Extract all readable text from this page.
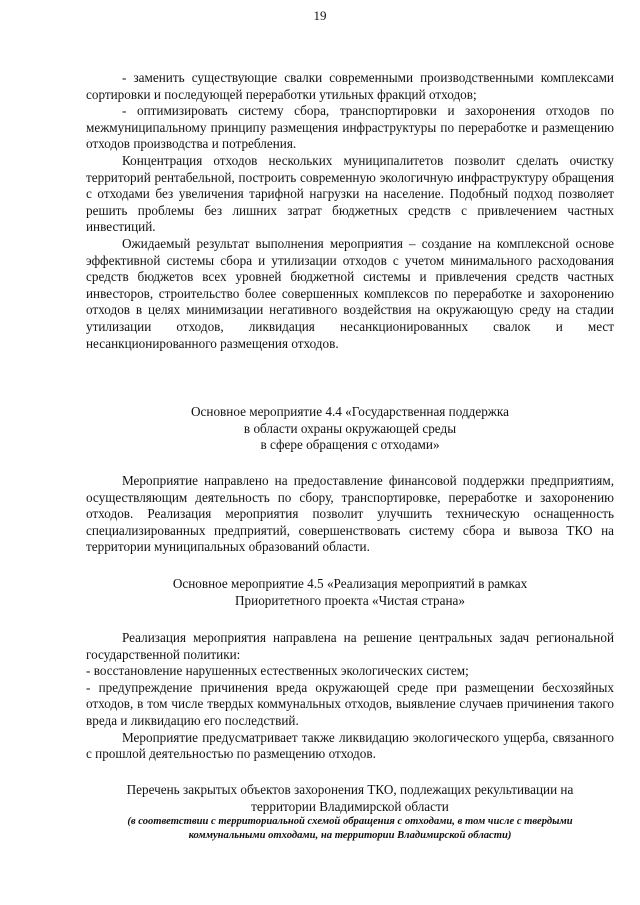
19

- заменить существующие свалки современными производственными комплексами сортировки и последующей переработки утильных фракций отходов;

- оптимизировать систему сбора, транспортировки и захоронения отходов по межмуниципальному принципу размещения инфраструктуры по переработке и размещению отходов производства и потребления.

Концентрация отходов нескольких муниципалитетов позволит сделать очистку территорий рентабельной, построить современную экологичную инфраструктуру обращения с отходами без увеличения тарифной нагрузки на население. Подобный подход позволяет решить проблемы без лишних затрат бюджетных средств с привлечением частных инвестиций.

Ожидаемый результат выполнения мероприятия – создание на комплексной основе эффективной системы сбора и утилизации отходов с учетом минимального расходования средств бюджетов всех уровней бюджетной системы и привлечения средств частных инвесторов, строительство более совершенных комплексов по переработке и захоронению отходов в целях минимизации негативного воздействия на окружающую среду на стадии утилизации отходов, ликвидация несанкционированных свалок и мест несанкционированного размещения отходов.

Основное мероприятие 4.4 «Государственная поддержка
в области охраны окружающей среды
в сфере обращения с отходами»

Мероприятие направлено на предоставление финансовой поддержки предприятиям, осуществляющим деятельность по сбору, транспортировке, переработке и захоронению отходов. Реализация мероприятия позволит улучшить техническую оснащенность специализированных предприятий, совершенствовать систему сбора и вывоза ТКО на территории муниципальных образований области.

Основное мероприятие 4.5 «Реализация мероприятий в рамках
Приоритетного проекта «Чистая страна»

Реализация мероприятия направлена на решение центральных задач региональной государственной политики:

- восстановление нарушенных естественных экологических систем;

- предупреждение причинения вреда окружающей среде при размещении бесхозяйных отходов, в том числе твердых коммунальных отходов, выявление случаев причинения такого вреда и ликвидацию его последствий.

Мероприятие предусматривает также ликвидацию экологического ущерба, связанного с прошлой деятельностью по размещению отходов.

Перечень закрытых объектов захоронения ТКО, подлежащих рекультивации на
территории Владимирской области
(в соответствии с территориальной схемой обращения с отходами, в том числе с твердыми
коммунальными отходами, на территории Владимирской области)
